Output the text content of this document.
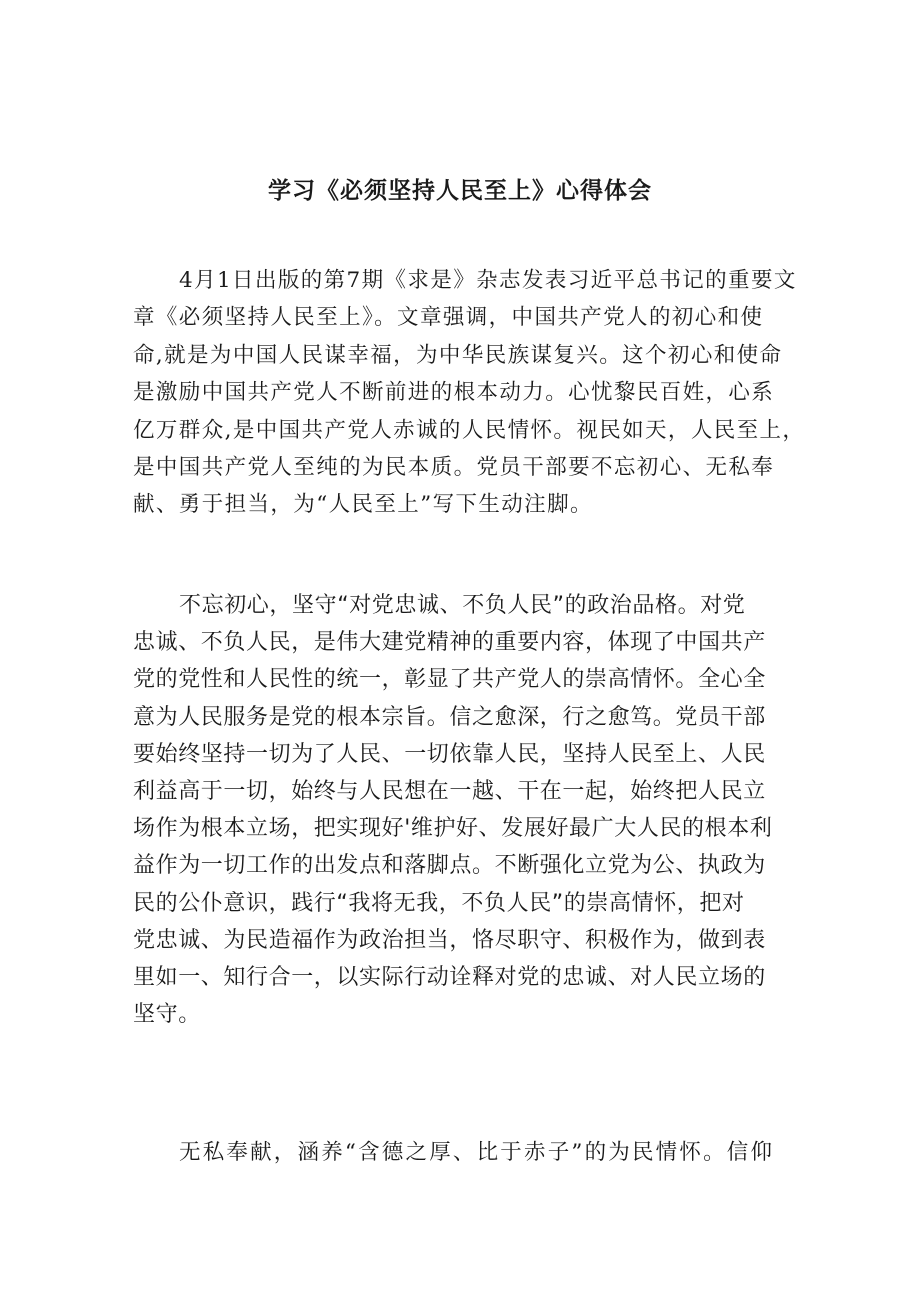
学习《必须坚持人民至上》心得体会

4月1日出版的第7期《求是》杂志发表习近平总书记的重要文
章《必须坚持人民至上》。文章强调，中国共产党人的初心和使
命,就是为中国人民谋幸福，为中华民族谋复兴。这个初心和使命
是激励中国共产党人不断前进的根本动力。心忧黎民百姓，心系
亿万群众,是中国共产党人赤诚的人民情怀。视民如天，人民至上，
是中国共产党人至纯的为民本质。党员干部要不忘初心、无私奉
献、勇于担当，为“人民至上”写下生动注脚。

不忘初心，坚守“对党忠诚、不负人民”的政治品格。对党
忠诚、不负人民，是伟大建党精神的重要内容，体现了中国共产
党的党性和人民性的统一，彰显了共产党人的崇高情怀。全心全
意为人民服务是党的根本宗旨。信之愈深，行之愈笃。党员干部
要始终坚持一切为了人民、一切依靠人民，坚持人民至上、人民
利益高于一切，始终与人民想在一越、干在一起，始终把人民立
场作为根本立场，把实现好'维护好、发展好最广大人民的根本利
益作为一切工作的出发点和落脚点。不断强化立党为公、执政为
民的公仆意识，践行“我将无我，不负人民”的崇高情怀，把对
党忠诚、为民造福作为政治担当，恪尽职守、积极作为，做到表
里如一、知行合一，以实际行动诠释对党的忠诚、对人民立场的
坚守。

无私奉献，涵养“含德之厚、比于赤子”的为民情怀。信仰
